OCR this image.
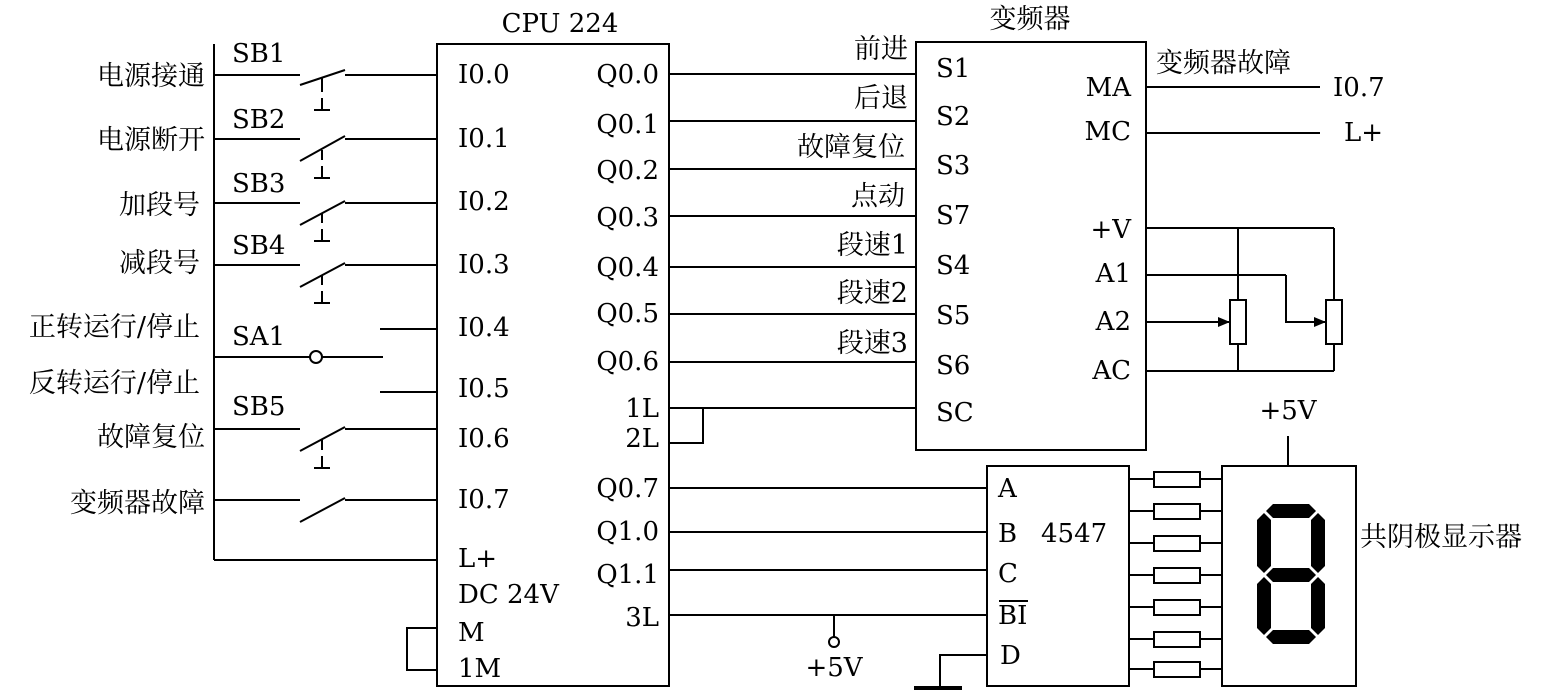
CPU 224
I0.0
I0.1
I0.2
I0.3
I0.4
I0.5
I0.6
I0.7
L+
DC 24V
M
1M
Q0.0
Q0.1
Q0.2
Q0.3
Q0.4
Q0.5
Q0.6
1L
2L
Q0.7
Q1.0
Q1.1
3L
SB1
SB2
SB3
SB4
SA1
SB5
电源接通
电源断开
加段号
减段号
正转运行/停止
反转运行/停止
故障复位
变频器故障
前进
后退
故障复位
点动
段速1
段速2
段速3
变频器
S1
S2
S3
S7
S4
S5
S6
SC
MA
MC
+V
A1
A2
AC
变频器故障
I0.7
L+
+5V
A
B 4547
C
BI
D
+5V
共阴极显示器
